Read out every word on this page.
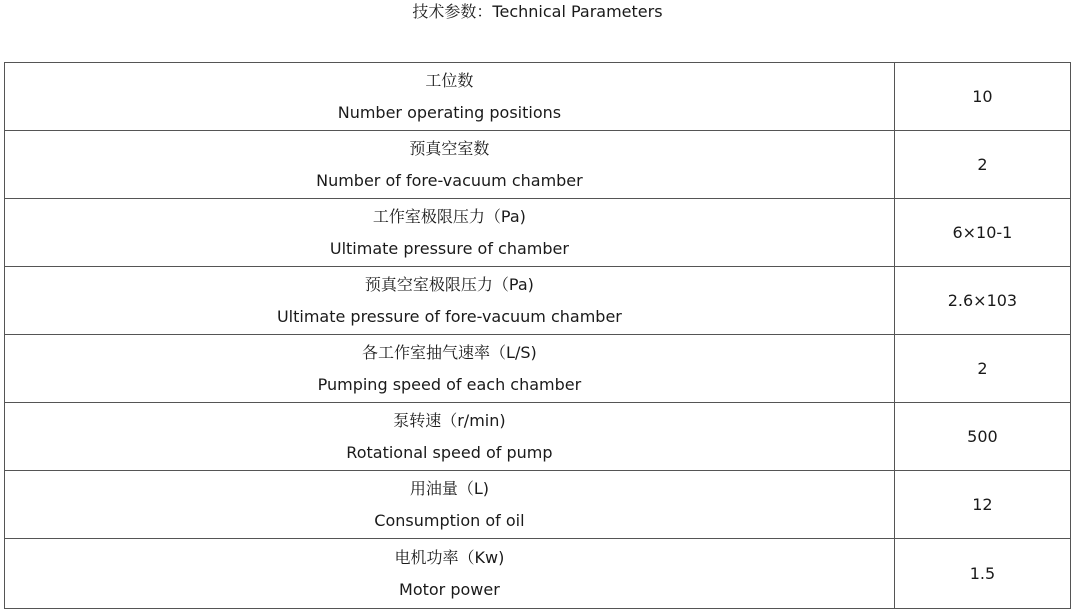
技术参数：Technical Parameters
工位数
Number operating positions	10

预真空室数
Number of fore-vacuum chamber	2

工作室极限压力（Pa)
Ultimate pressure of chamber	6×10-1

预真空室极限压力（Pa)
Ultimate pressure of fore-vacuum chamber	2.6×103

各工作室抽气速率（L/S)
Pumping speed of each chamber	2

泵转速（r/min)
Rotational speed of pump	500

用油量（L)
Consumption of oil	12

电机功率（Kw)
Motor power	1.5
